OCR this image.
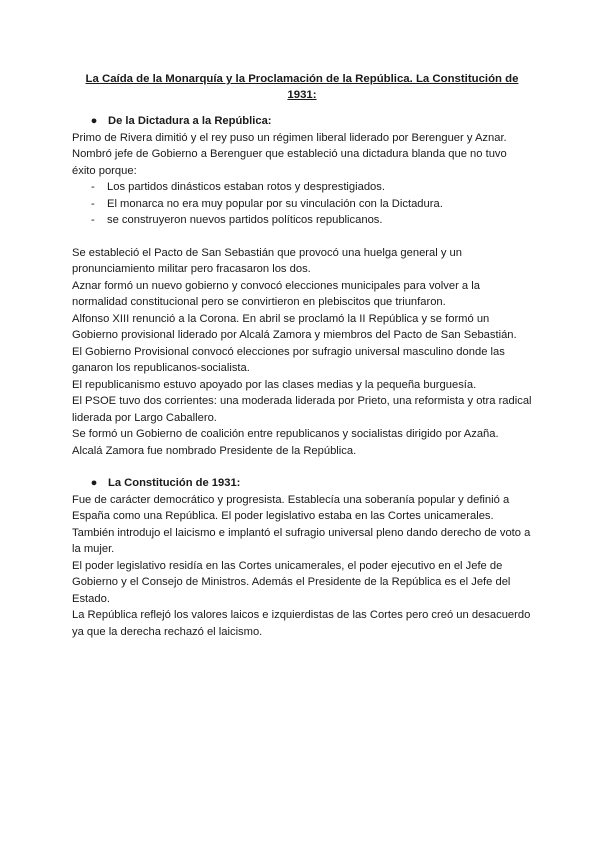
La Caída de la Monarquía y la Proclamación de la República. La Constitución de 1931:
● De la Dictadura a la República:

Primo de Rivera dimitió y el rey puso un régimen liberal liderado por Berenguer y Aznar.

Nombró jefe de Gobierno a Berenguer que estableció una dictadura blanda que no tuvo éxito porque:

- Los partidos dinásticos estaban rotos y desprestigiados.
- El monarca no era muy popular por su vinculación con la Dictadura.
- se construyeron nuevos partidos políticos republicanos.

Se estableció el Pacto de San Sebastián que provocó una huelga general y un pronunciamiento militar pero fracasaron los dos.

Aznar formó un nuevo gobierno y convocó elecciones municipales para volver a la normalidad constitucional pero se convirtieron en plebiscitos que triunfaron.

Alfonso XIII renunció a la Corona. En abril se proclamó la II República y se formó un Gobierno provisional liderado por Alcalá Zamora y miembros del Pacto de San Sebastián.

El Gobierno Provisional convocó elecciones por sufragio universal masculino donde las ganaron los republicanos-socialista.

El republicanismo estuvo apoyado por las clases medias y la pequeña burguesía.

El PSOE tuvo dos corrientes: una moderada liderada por Prieto, una reformista y otra radical liderada por Largo Caballero.

Se formó un Gobierno de coalición entre republicanos y socialistas dirigido por Azaña.

Alcalá Zamora fue nombrado Presidente de la República.

● La Constitución de 1931:

Fue de carácter democrático y progresista. Establecía una soberanía popular y definió a España como una República. El poder legislativo estaba en las Cortes unicamerales.

También introdujo el laicismo e implantó el sufragio universal pleno dando derecho de voto a la mujer.

El poder legislativo residía en las Cortes unicamerales, el poder ejecutivo en el Jefe de Gobierno y el Consejo de Ministros. Además el Presidente de la República es el Jefe del Estado.

La República reflejó los valores laicos e izquierdistas de las Cortes pero creó un desacuerdo ya que la derecha rechazó el laicismo.
